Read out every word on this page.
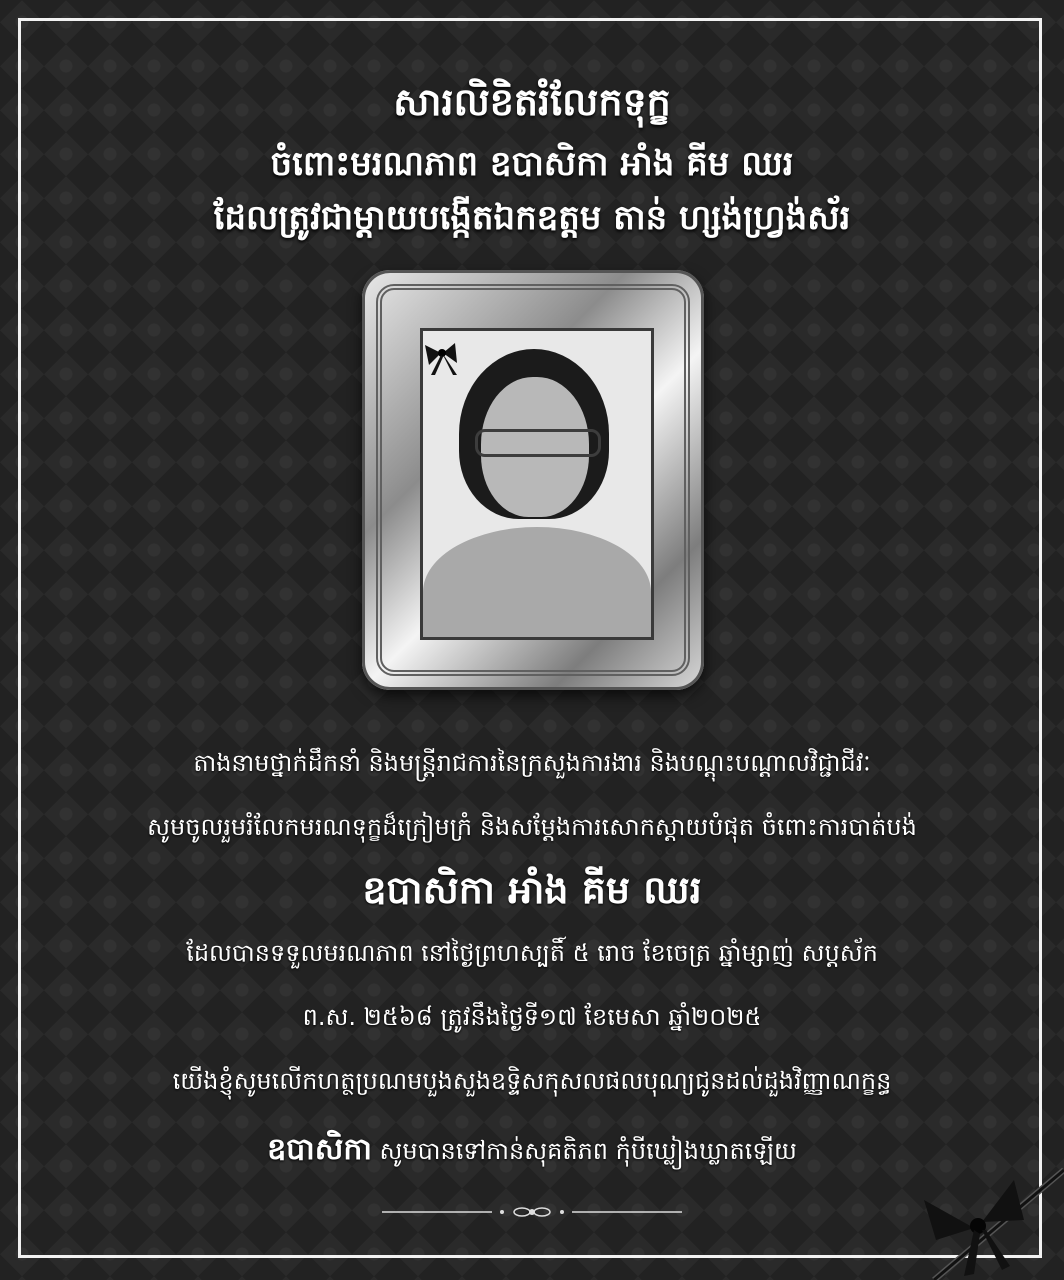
សារលិខិតរំលែកទុក្ខ
ចំពោះមរណភាព ឧបាសិកា អាំង គីម ឈរ
ដែលត្រូវជាម្តាយបង្កើតឯកឧត្តម តាន់ ហ្សង់ហ្វ្រង់ស័រ
តាងនាមថ្នាក់ដឹកនាំ និងមន្ត្រីរាជការនៃក្រសួងការងារ និងបណ្តុះបណ្តាលវិជ្ជាជីវៈ
សូមចូលរួមរំលែកមរណទុក្ខដ៏ក្រៀមក្រំ និងសម្តែងការសោកស្តាយបំផុត ចំពោះការបាត់បង់
ឧបាសិកា អាំង គីម ឈរ
ដែលបានទទួលមរណភាព នៅថ្ងៃព្រហស្បតិ៍ ៥ រោច ខែចេត្រ ឆ្នាំម្សាញ់ សប្តស័ក
ព.ស. ២៥៦៨ ត្រូវនឹងថ្ងៃទី១៧ ខែមេសា ឆ្នាំ២០២៥
យើងខ្ញុំសូមលើកហត្ថប្រណមបួងសួងឧទ្ទិសកុសលផលបុណ្យជូនដល់ដួងវិញ្ញាណក្ខន្ធ
ឧបាសិកា សូមបានទៅកាន់សុគតិភព កុំបីឃ្លៀងឃ្លាតឡើយ
